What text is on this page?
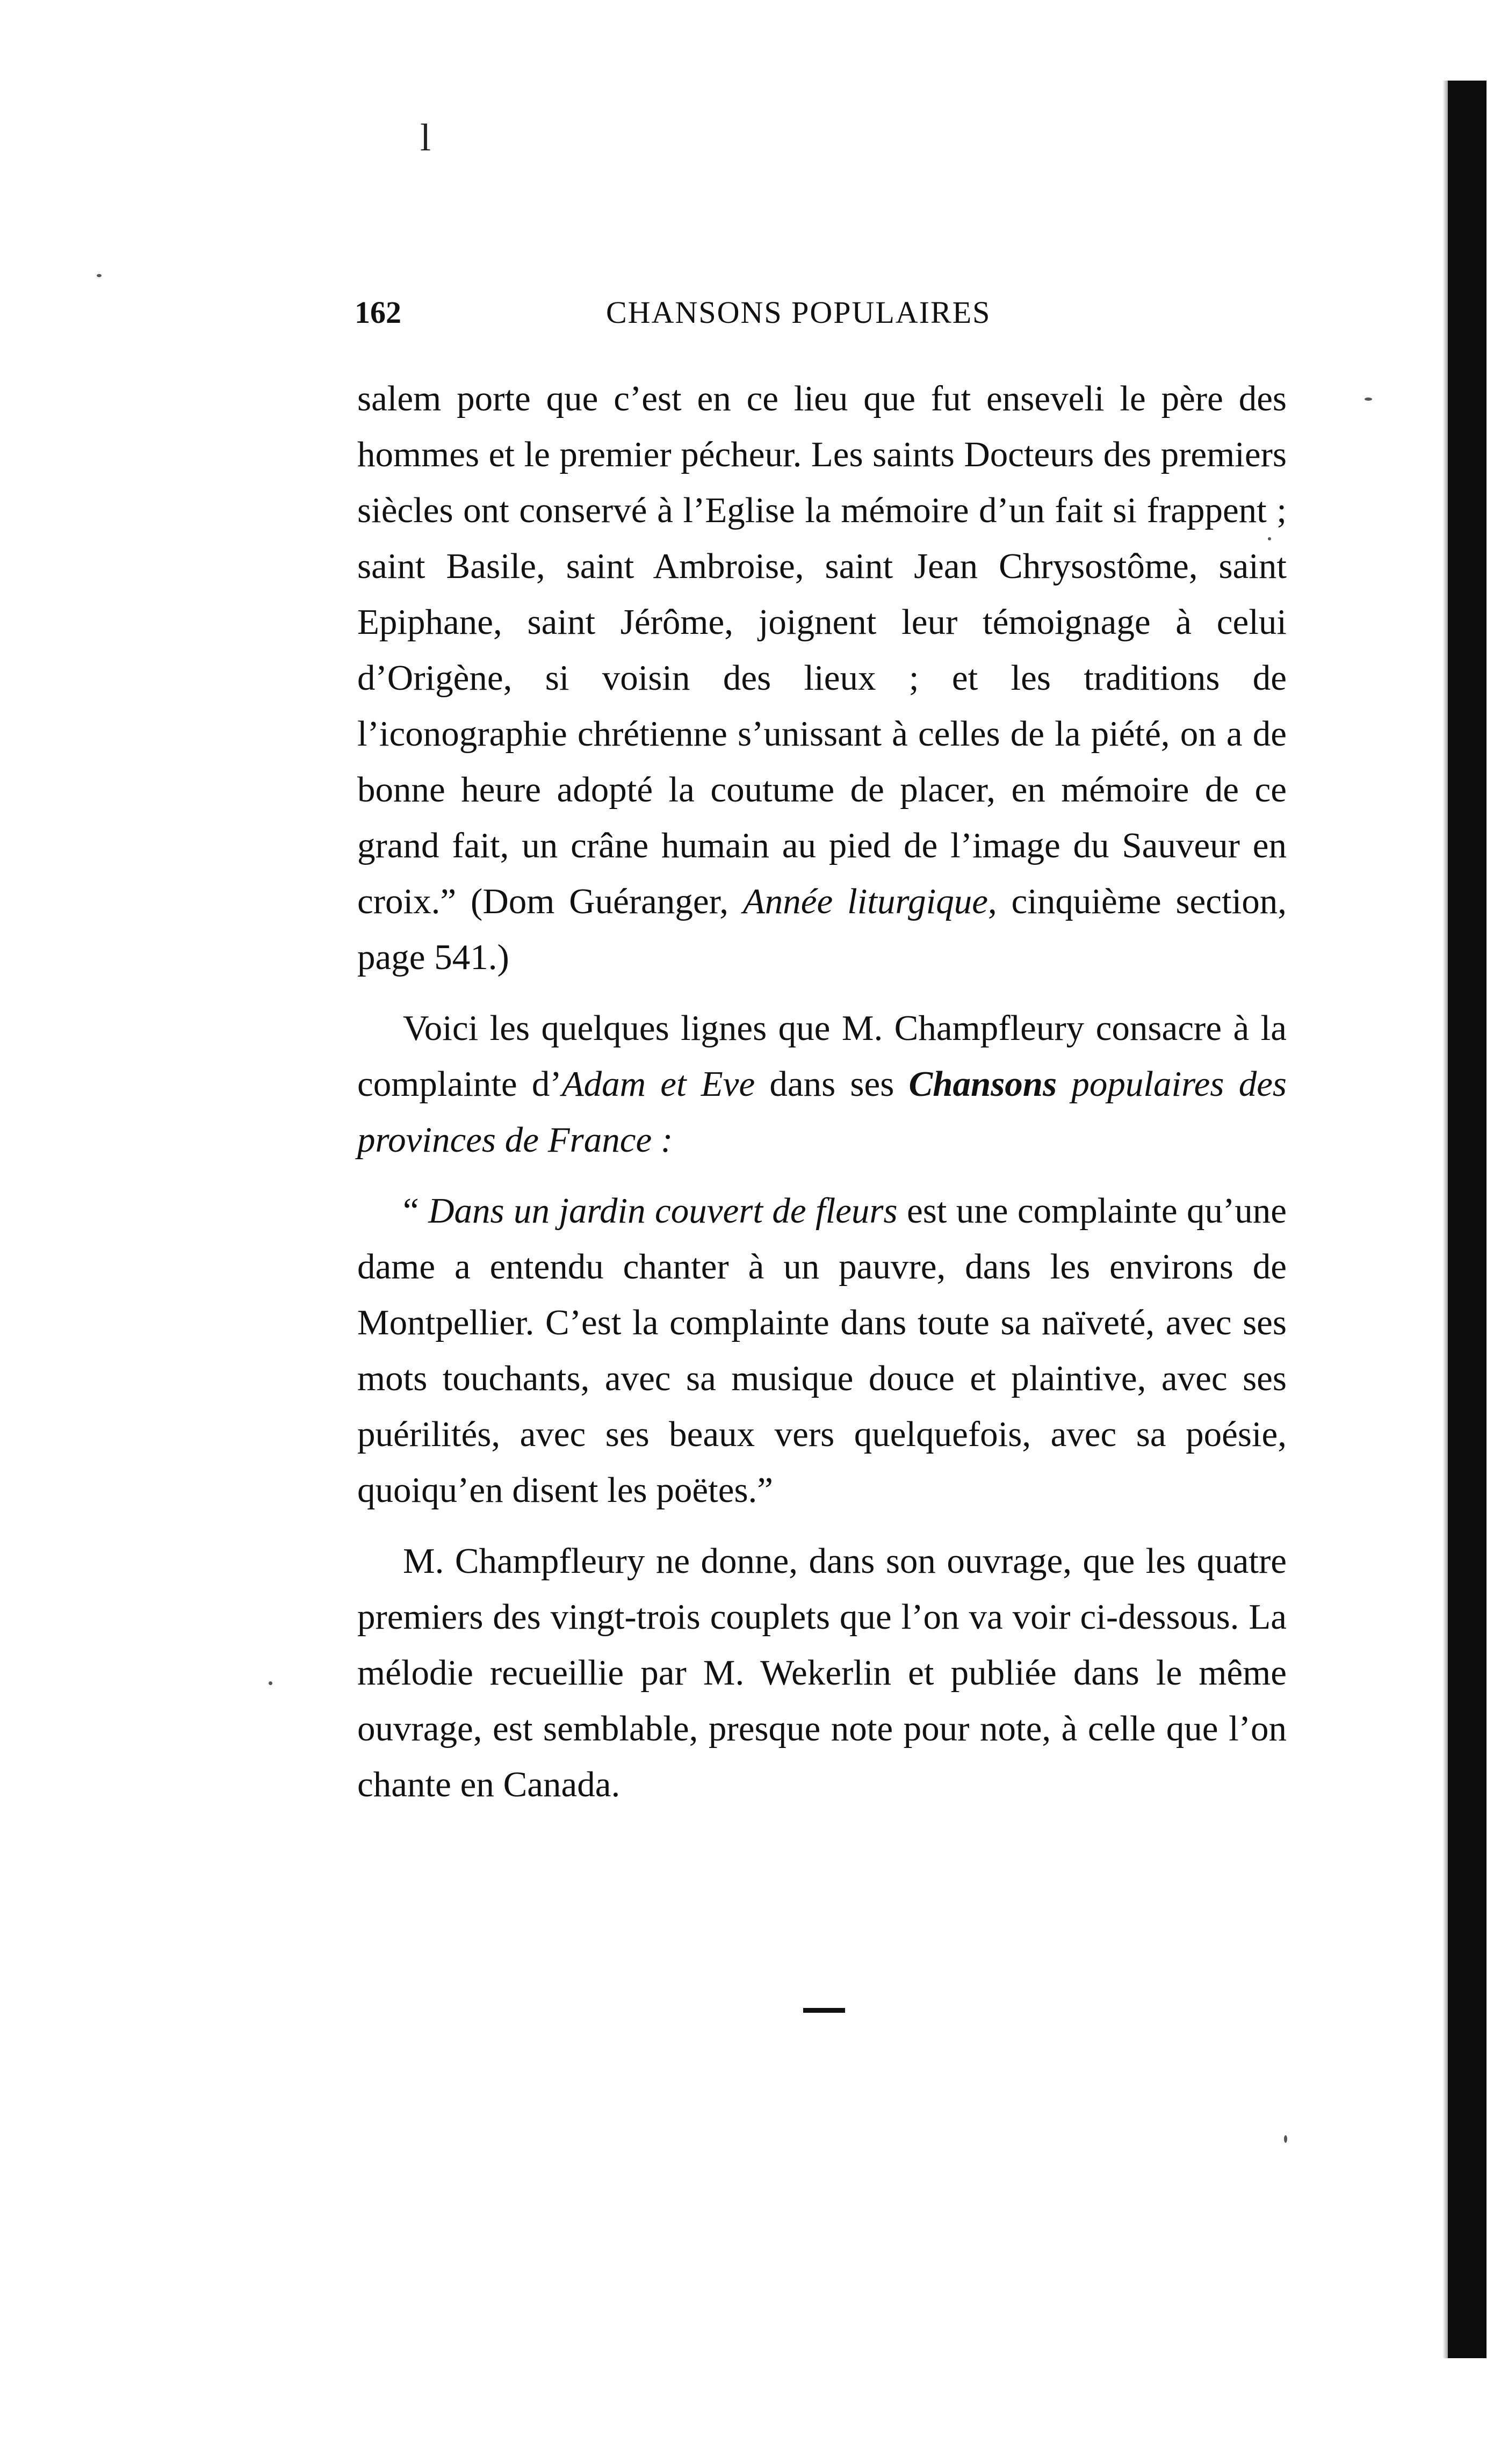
l
162	CHANSONS POPULAIRES

salem porte que c’est en ce lieu que fut enseveli le père des hommes et le premier pécheur. Les saints Docteurs des premiers siècles ont conservé à l’Eglise la mémoire d’un fait si frappent ; saint Basile, saint Ambroise, saint Jean Chrysostôme, saint Epiphane, saint Jérôme, joignent leur témoignage à celui d’Origène, si voisin des lieux ; et les traditions de l’iconographie chrétienne s’unissant à celles de la piété, on a de bonne heure adopté la coutume de placer, en mémoire de ce grand fait, un crâne humain au pied de l’image du Sauveur en croix.” (Dom Guéranger, Année liturgique, cinquième section, page 541.)

Voici les quelques lignes que M. Champfleury consacre à la complainte d’Adam et Eve dans ses Chansons populaires des provinces de France :

“ Dans un jardin couvert de fleurs est une complainte qu’une dame a entendu chanter à un pauvre, dans les environs de Montpellier. C’est la complainte dans toute sa naïveté, avec ses mots touchants, avec sa musique douce et plaintive, avec ses puérilités, avec ses beaux vers quelquefois, avec sa poésie, quoiqu’en disent les poëtes.”

M. Champfleury ne donne, dans son ouvrage, que les quatre premiers des vingt-trois couplets que l’on va voir ci-dessous. La mélodie recueillie par M. Wekerlin et publiée dans le même ouvrage, est semblable, presque note pour note, à celle que l’on chante en Canada.
